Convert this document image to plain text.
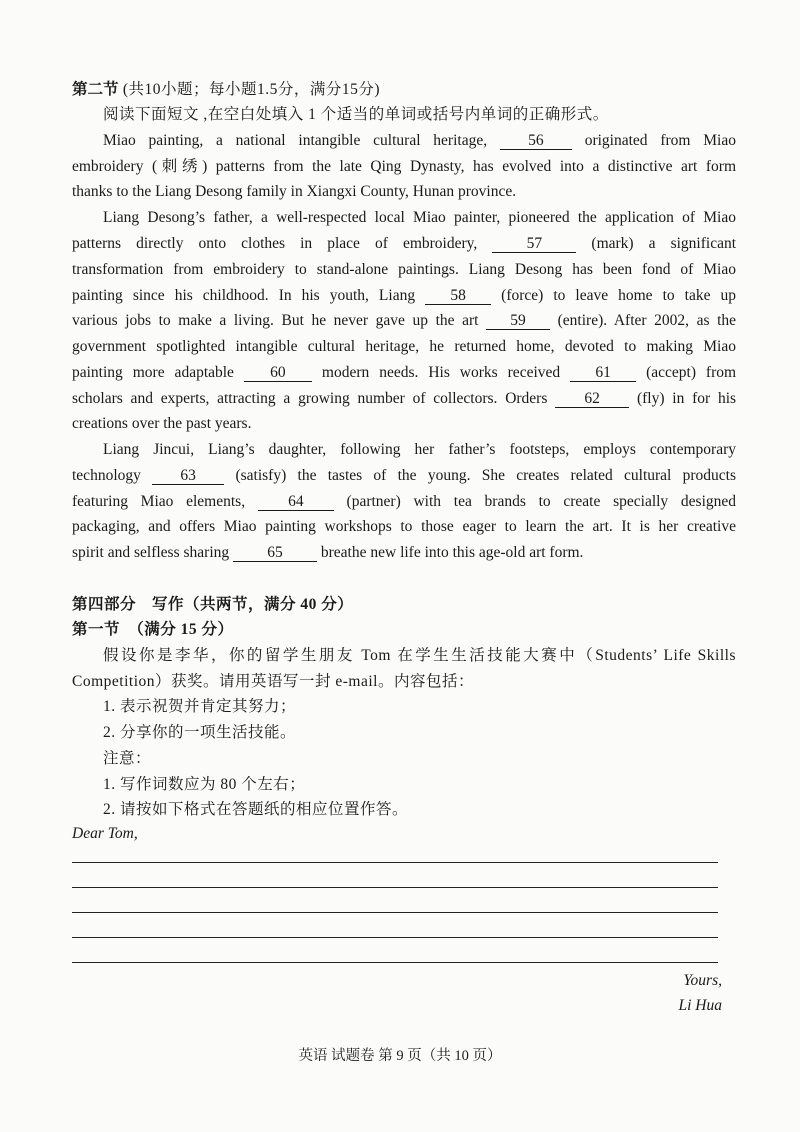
第二节 (共10小题；每小题1.5分，满分15分)
阅读下面短文 ,在空白处填入 1 个适当的单词或括号内单词的正确形式。
Miao painting, a national intangible cultural heritage,	56	originated from Miao
embroidery (刺绣) patterns from the late Qing Dynasty, has evolved into a distinctive art form
thanks to the Liang Desong family in Xiangxi County, Hunan province.
Liang Desong’s father, a well-respected local Miao painter, pioneered the application of Miao
patterns directly onto clothes in place of embroidery,	57	(mark) a significant
transformation from embroidery to stand-alone paintings. Liang Desong has been fond of Miao
painting since his childhood. In his youth, Liang 58 (force) to leave home to take up
various jobs to make a living. But he never gave up the art 59 (entire). After 2002, as the
government spotlighted intangible cultural heritage, he returned home, devoted to making Miao
painting more adaptable 60 modern needs. His works received 61 (accept) from
scholars and experts, attracting a growing number of collectors. Orders 62 (fly) in for his
creations over the past years.
Liang Jincui, Liang’s daughter, following her father’s footsteps, employs contemporary
technology	63	(satisfy) the tastes of the young. She creates related cultural products
featuring Miao elements,	64	(partner) with tea brands to create specially designed
packaging, and offers Miao painting workshops to those eager to learn the art. It is her creative
spirit and selfless sharing 65 breathe new life into this age-old art form.
第四部分　写作（共两节，满分 40 分）
第一节　（满分 15 分）
假设你是李华，你的留学生朋友 Tom 在学生生活技能大赛中（Students’ Life Skills
Competition）获奖。请用英语写一封 e-mail。内容包括：
1. 表示祝贺并肯定其努力；
2. 分享你的一项生活技能。
注意：
1. 写作词数应为 80 个左右；
2. 请按如下格式在答题纸的相应位置作答。
Dear Tom,
Yours,
Li Hua
英语 试题卷 第 9 页（共 10 页）
